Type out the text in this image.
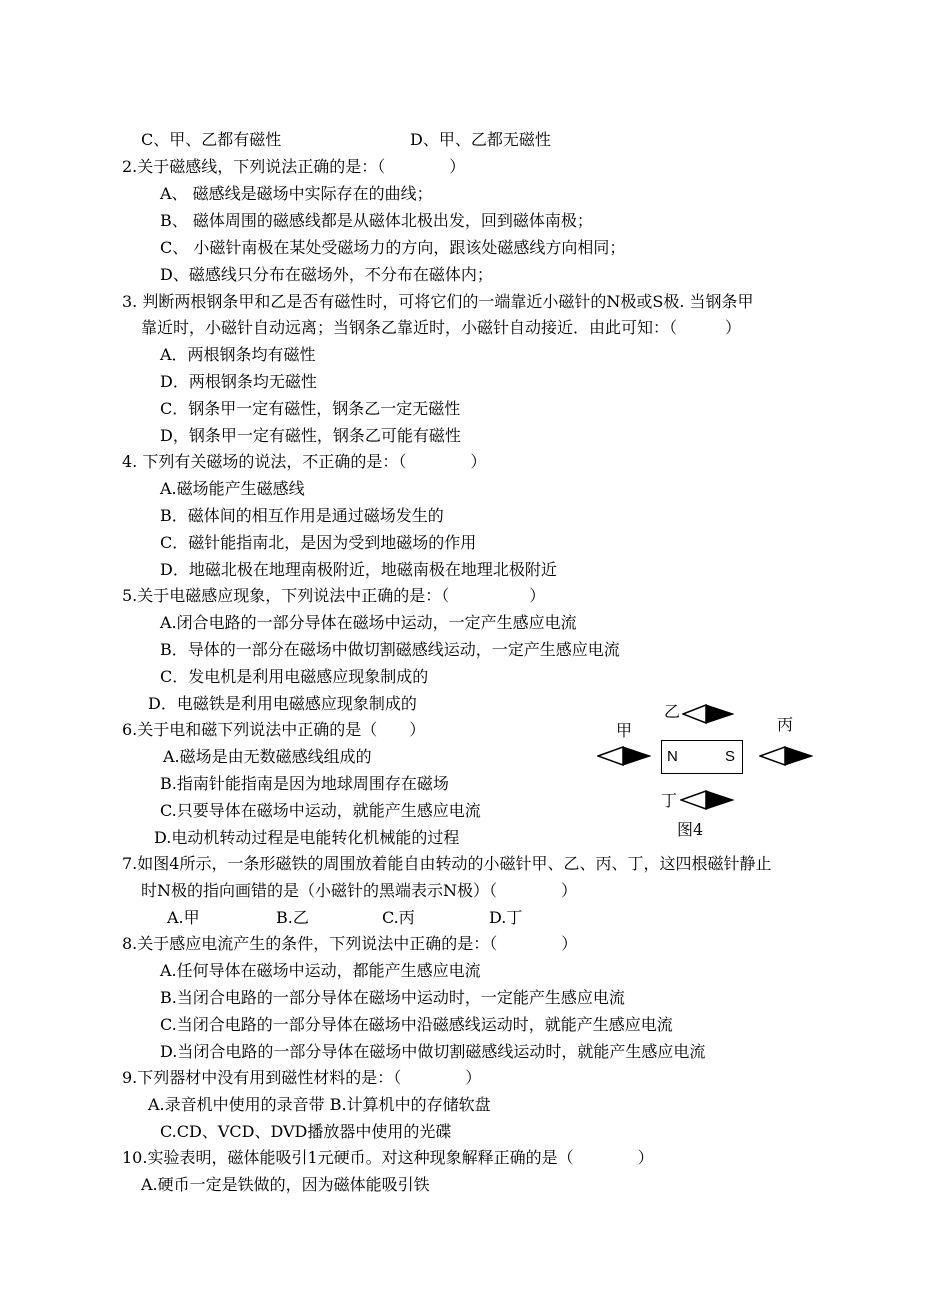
C、甲、乙都有磁性	D、甲、乙都无磁性
2.关于磁感线，下列说法正确的是：（　　　　）
A、 磁感线是磁场中实际存在的曲线；
B、 磁体周围的磁感线都是从磁体北极出发，回到磁体南极；
C、 小磁针南极在某处受磁场力的方向，跟该处磁感线方向相同；
D、磁感线只分布在磁场外，不分布在磁体内；
3. 判断两根钢条甲和乙是否有磁性时，可将它们的一端靠近小磁针的N极或S极. 当钢条甲
靠近时，小磁针自动远离；当钢条乙靠近时，小磁针自动接近．由此可知：（　　　）
A．两根钢条均有磁性
D．两根钢条均无磁性
C．钢条甲一定有磁性，钢条乙一定无磁性
D，钢条甲一定有磁性，钢条乙可能有磁性
4. 下列有关磁场的说法，不正确的是：（　　　　）
A.磁场能产生磁感线
B．磁体间的相互作用是通过磁场发生的
C．磁针能指南北，是因为受到地磁场的作用
D．地磁北极在地理南极附近，地磁南极在地理北极附近
5.关于电磁感应现象，下列说法中正确的是：（　　　　　）
A.闭合电路的一部分导体在磁场中运动，一定产生感应电流
B．导体的一部分在磁场中做切割磁感线运动，一定产生感应电流
C．发电机是利用电磁感应现象制成的
D．电磁铁是利用电磁感应现象制成的
6.关于电和磁下列说法中正确的是（　　）
A.磁场是由无数磁感线组成的
B.指南针能指南是因为地球周围存在磁场
C.只要导体在磁场中运动，就能产生感应电流
D.电动机转动过程是电能转化机械能的过程
7.如图4所示，一条形磁铁的周围放着能自由转动的小磁针甲、乙、丙、丁，这四根磁针静止
时N极的指向画错的是（小磁针的黑端表示N极）（　　　　）
A.甲	B.乙	C.丙	D.丁
8.关于感应电流产生的条件，下列说法中正确的是：（　　　　）
A.任何导体在磁场中运动，都能产生感应电流
B.当闭合电路的一部分导体在磁场中运动时，一定能产生感应电流
C.当闭合电路的一部分导体在磁场中沿磁感线运动时，就能产生感应电流
D.当闭合电路的一部分导体在磁场中做切割磁感线运动时，就能产生感应电流
9.下列器材中没有用到磁性材料的是：（　　　　）
A.录音机中使用的录音带 B.计算机中的存储软盘
C.CD、VCD、DVD播放器中使用的光碟
10.实验表明，磁体能吸引1元硬币。对这种现象解释正确的是（　　　　）
A.硬币一定是铁做的，因为磁体能吸引铁
乙
甲
N	S
丙
丁
图4
